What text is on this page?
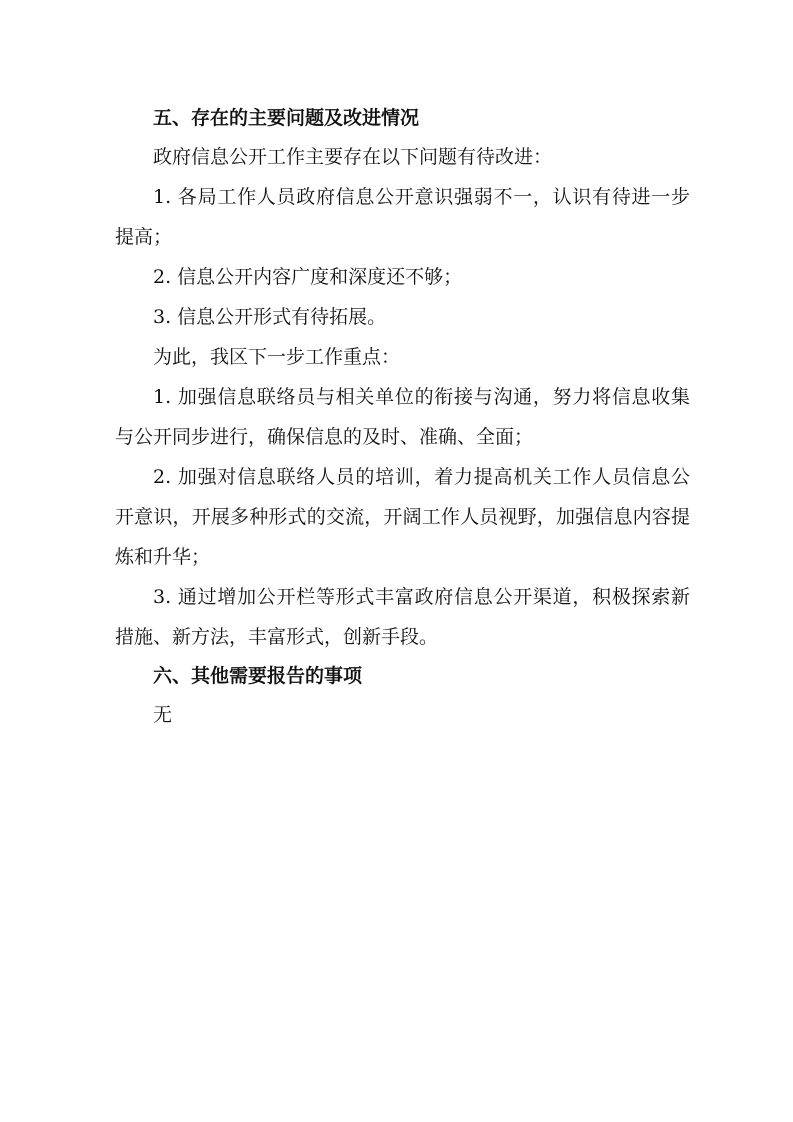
五、存在的主要问题及改进情况

政府信息公开工作主要存在以下问题有待改进：

1. 各局工作人员政府信息公开意识强弱不一，认识有待进一步提高；

2. 信息公开内容广度和深度还不够；

3. 信息公开形式有待拓展。

为此，我区下一步工作重点：

1. 加强信息联络员与相关单位的衔接与沟通，努力将信息收集与公开同步进行，确保信息的及时、准确、全面；

2. 加强对信息联络人员的培训，着力提高机关工作人员信息公开意识，开展多种形式的交流，开阔工作人员视野，加强信息内容提炼和升华；

3. 通过增加公开栏等形式丰富政府信息公开渠道，积极探索新措施、新方法，丰富形式，创新手段。

六、其他需要报告的事项

无
